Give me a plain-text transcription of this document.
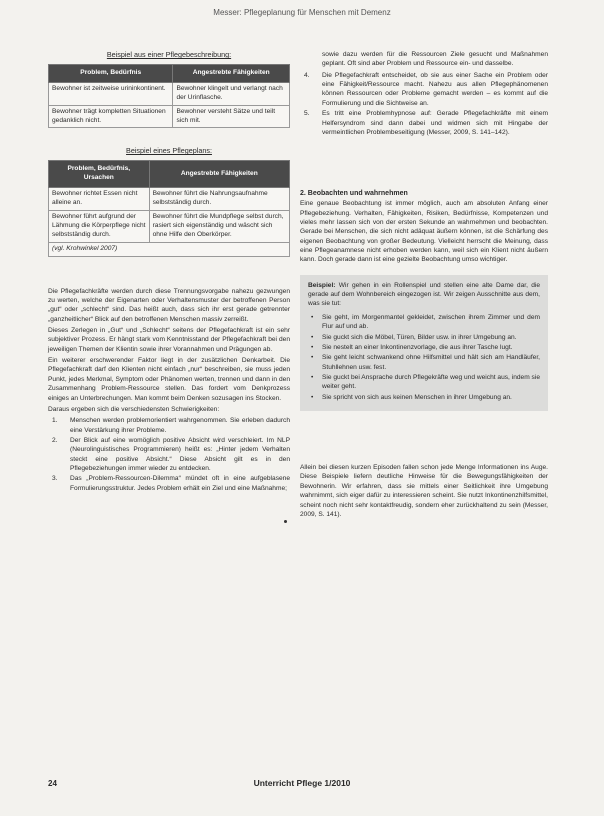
Messer: Pflegeplanung für Menschen mit Demenz
Beispiel aus einer Pflegebeschreibung:
Problem, Bedürfnis	Angestrebte Fähigkeiten
Bewohner ist zeitweise urininkontinent.	Bewohner klingelt und verlangt nach der Urinflasche.
Bewohner trägt kompletten Situationen gedanklich nicht.	Bewohner versteht Sätze und teilt sich mit.
Beispiel eines Pflegeplans:
Problem, Bedürfnis, Ursachen	Angestrebte Fähigkeiten
Bewohner richtet Essen nicht alleine an.	Bewohner führt die Nahrungsaufnahme selbstständig durch.
Bewohner führt aufgrund der Lähmung die Körperpflege nicht selbstständig durch.	Bewohner führt die Mundpflege selbst durch, rasiert sich eigenständig und wäscht sich ohne Hilfe den Oberkörper.
(vgl. Krohwinkel 2007)	

Die Pflegefachkräfte werden durch diese Trennungsvorgabe nahezu gezwungen zu werten, welche der Eigenarten oder Verhaltensmuster der betroffenen Person „gut“ oder „schlecht“ sind. Das heißt auch, dass sich ihr erst gerade getrennter „ganzheitlicher“ Blick auf den betroffenen Menschen massiv zerreißt.

Dieses Zerlegen in „Gut“ und „Schlecht“ seitens der Pflegefachkraft ist ein sehr subjektiver Prozess. Er hängt stark vom Kenntnisstand der Pflegefachkraft bei den jeweiligen Themen der Klientin sowie ihrer Vorannahmen und Prägungen ab.

Ein weiterer erschwerender Faktor liegt in der zusätzlichen Denkarbeit. Die Pflegefachkraft darf den Klienten nicht einfach „nur“ beschreiben, sie muss jeden Punkt, jedes Merkmal, Symptom oder Phänomen werten, trennen und dann in den Zusammenhang Problem-Ressource stellen. Das fordert vom Denkprozess einiges an Unterbrechungen. Man kommt beim Denken sozusagen ins Stocken.

Daraus ergeben sich die verschiedensten Schwierigkeiten:

1. Menschen werden problemorientiert wahrgenommen. Sie erleben dadurch eine Verstärkung ihrer Probleme.
2. Der Blick auf eine womöglich positive Absicht wird verschleiert. Im NLP (Neurolinguistisches Programmieren) heißt es: „Hinter jedem Verhalten steckt eine positive Absicht.“ Diese Absicht gilt es in den Pflegebeziehungen immer wieder zu entdecken.
3. Das „Problem-Ressourcen-Dilemma“ mündet oft in eine aufgeblasene Formulierungsstruktur. Jedes Problem erhält ein Ziel und eine Maßnahme;

sowie dazu werden für die Ressourcen Ziele gesucht und Maßnahmen geplant. Oft sind aber Problem und Ressource ein- und dasselbe.

4. Die Pflegefachkraft entscheidet, ob sie aus einer Sache ein Problem oder eine Fähigkeit/Ressource macht. Nahezu aus allen Pflegephänomenen können Ressourcen oder Probleme gemacht werden – es kommt auf die Formulierung und die Sichtweise an.
5. Es tritt eine Problemhypnose auf: Gerade Pflegefachkräfte mit einem Helfersyndrom sind dann dabei und widmen sich mit Hingabe der vermeintlichen Problembeseitigung (Messer, 2009, S. 141–142).
2. Beobachten und wahrnehmen

Eine genaue Beobachtung ist immer möglich, auch am absoluten Anfang einer Pflegebeziehung. Verhalten, Fähigkeiten, Risiken, Bedürfnisse, Kompetenzen und vieles mehr lassen sich von der ersten Sekunde an wahrnehmen und beobachten. Gerade bei Menschen, die sich nicht adäquat äußern können, ist die Schärfung des eigenen Beobachtung von großer Bedeutung. Vielleicht herrscht die Meinung, dass eine Pflegeanamnese nicht erhoben werden kann, weil sich ein Klient nicht äußern kann. Doch gerade dann ist eine gezielte Beobachtung umso wichtiger.

Beispiel: Wir gehen in ein Rollenspiel und stellen eine alte Dame dar, die gerade auf dem Wohnbereich eingezogen ist. Wir zeigen Ausschnitte aus dem, was sie tut:

• Sie geht, im Morgenmantel gekleidet, zwischen ihrem Zimmer und dem Flur auf und ab.
• Sie guckt sich die Möbel, Türen, Bilder usw. in ihrer Umgebung an.
• Sie nestelt an einer Inkontinenzvorlage, die aus ihrer Tasche lugt.
• Sie geht leicht schwankend ohne Hilfsmittel und hält sich am Handläufer, Stuhllehnen usw. fest.
• Sie guckt bei Ansprache durch Pflegekräfte weg und weicht aus, indem sie weiter geht.
• Sie spricht von sich aus keinen Menschen in ihrer Umgebung an.

Allein bei diesen kurzen Episoden fallen schon jede Menge Informationen ins Auge. Diese Beispiele liefern deutliche Hinweise für die Bewegungsfähigkeiten der Bewohnerin. Wir erfahren, dass sie mittels einer Seitlichkeit ihre Umgebung wahrnimmt, sich eiger dafür zu interessieren scheint. Sie nutzt Inkontinenzhilfsmittel, scheint noch nicht sehr kontaktfreudig, sondern eher zurückhaltend zu sein (Messer, 2009, S. 141).

24	Unterricht Pflege 1/2010
